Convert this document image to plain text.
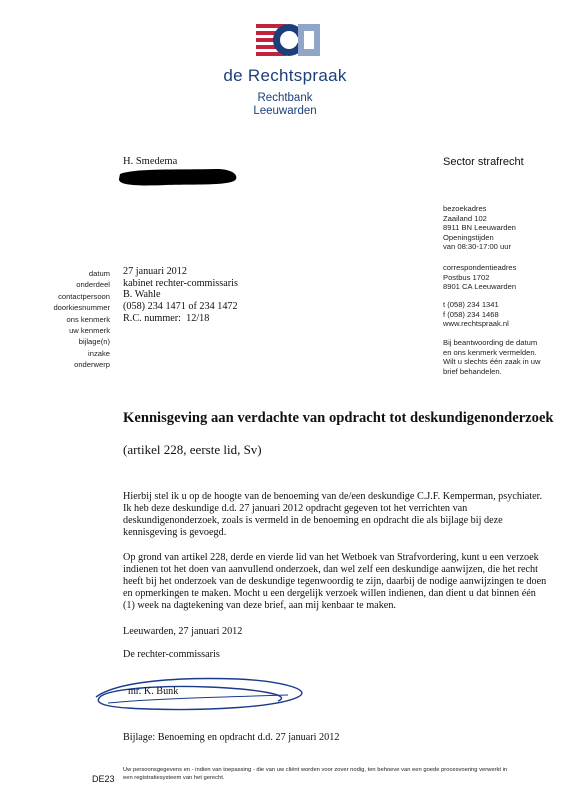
de Rechtspraak
Rechtbank
Leeuwarden
H. Smedema	Sector strafrecht
bezoekadres
Zaailand 102
8911 BN Leeuwarden
Openingstijden
van 08:30-17:00 uur
correspondentieadres
Postbus 1702
8901 CA Leeuwarden
t (058) 234 1341
f (058) 234 1468
www.rechtspraak.nl
Bij beantwoording de datum
en ons kenmerk vermelden.
Wilt u slechts één zaak in uw
brief behandelen.
datum
onderdeel
contactpersoon
doorkiesnummer
ons kenmerk
uw kenmerk
bijlage(n)
inzake
onderwerp
27 januari 2012
kabinet rechter-commissaris
B. Wahle
(058) 234 1471 of 234 1472
R.C. nummer:  12/18
Kennisgeving aan verdachte van opdracht tot deskundigenonderzoek
(artikel 228, eerste lid, Sv)
Hierbij stel ik u op de hoogte van de benoeming van de/een deskundige C.J.F. Kemperman, psychiater.
Ik heb deze deskundige d.d. 27 januari 2012 opdracht gegeven tot het verrichten van
deskundigenonderzoek, zoals is vermeld in de benoeming en opdracht die als bijlage bij deze
kennisgeving is gevoegd.
Op grond van artikel 228, derde en vierde lid van het Wetboek van Strafvordering, kunt u een verzoek
indienen tot het doen van aanvullend onderzoek, dan wel zelf een deskundige aanwijzen, die het recht
heeft bij het onderzoek van de deskundige tegenwoordig te zijn, daarbij de nodige aanwijzingen te doen
en opmerkingen te maken. Mocht u een dergelijk verzoek willen indienen, dan dient u dat binnen één
(1) week na dagtekening van deze brief, aan mij kenbaar te maken.
Leeuwarden, 27 januari 2012
De rechter-commissaris
mr. K. Bunk
Bijlage: Benoeming en opdracht d.d. 27 januari 2012
DE23
Uw persoonsgegevens en - indien van toepassing - die van uw cliënt worden voor zover nodig, ten behoeve van een goede procesvoering verwerkt in
een registratiesysteem van het gerecht.
